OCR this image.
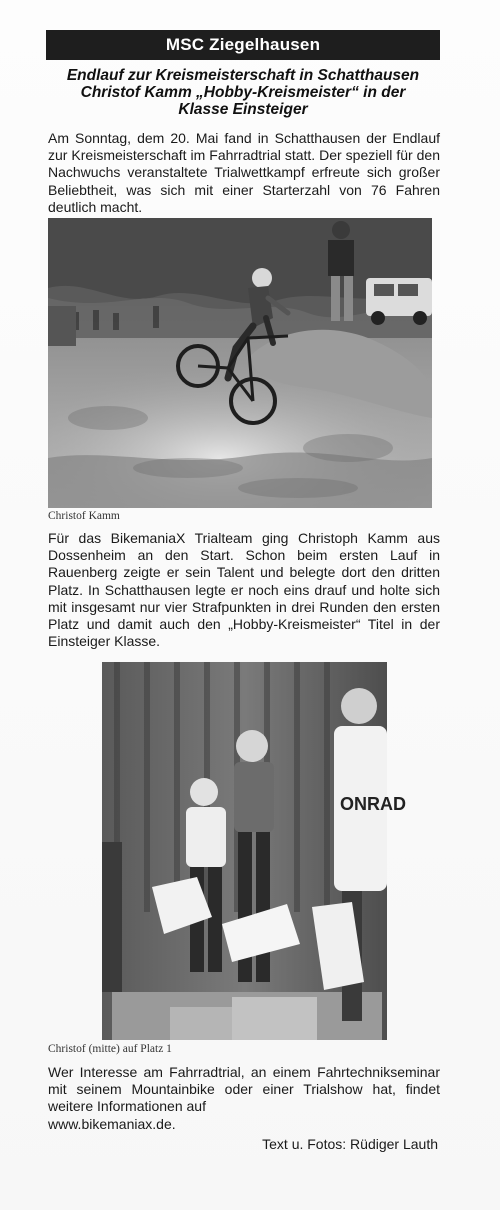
MSC Ziegelhausen
Endlauf zur Kreismeisterschaft in Schatthausen
Christof Kamm „Hobby-Kreismeister“ in der
Klasse Einsteiger
Am Sonntag, dem 20. Mai fand in Schatthausen der Endlauf zur Kreismeisterschaft im Fahrradtrial statt. Der speziell für den Nachwuchs veranstaltete Trialwettkampf erfreute sich großer Beliebtheit, was sich mit einer Starterzahl von 76 Fahren deutlich macht.
Christof Kamm
Für das BikemaniaX Trialteam ging Christoph Kamm aus Dossenheim an den Start. Schon beim ersten Lauf in Rauenberg zeigte er sein Talent und belegte dort den dritten Platz. In Schatthausen legte er noch eins drauf und holte sich mit insgesamt nur vier Strafpunkten in drei Runden den ersten Platz und damit auch den „Hobby-Kreismeister“ Titel in der Einsteiger Klasse.
ONRAD
Christof (mitte) auf Platz 1
Wer Interesse am Fahrradtrial, an einem Fahrtechnikseminar mit seinem Mountainbike oder einer Trialshow hat, findet weitere Informationen auf
www.bikemaniax.de.
Text u. Fotos: Rüdiger Lauth
